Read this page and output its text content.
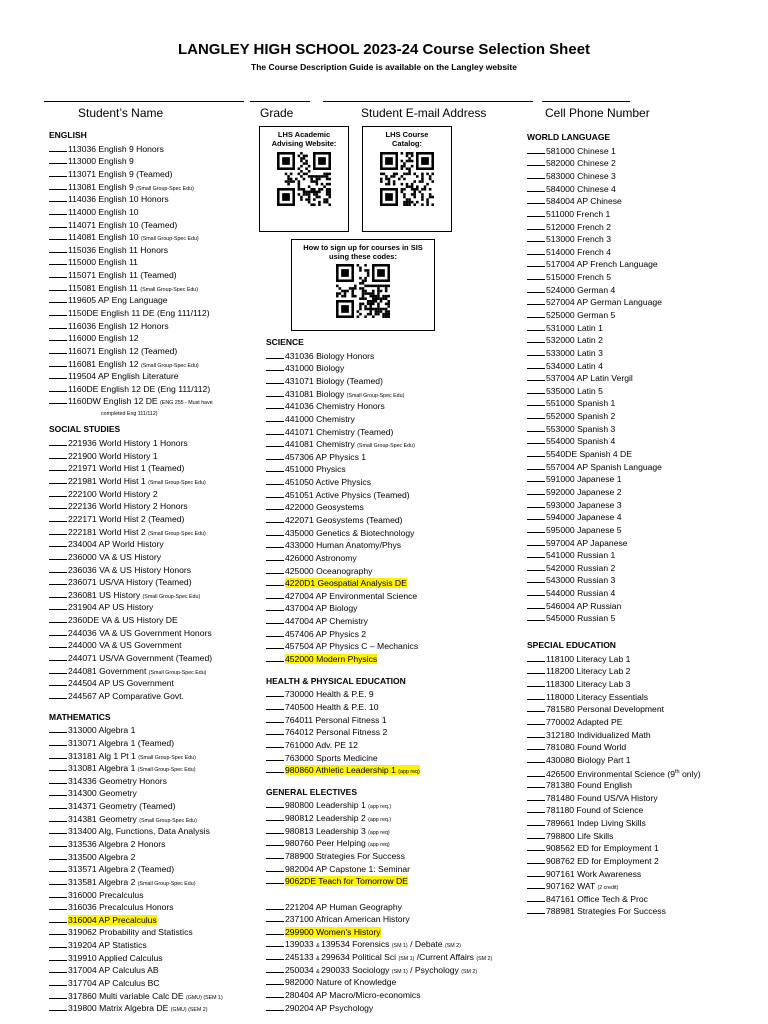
LANGLEY HIGH SCHOOL 2023-24 Course Selection Sheet
The Course Description Guide is available on the Langley website
Student’s Name	Grade	Student E-mail Address	Cell Phone Number
LHS Academic Advising Website:
LHS Course Catalog:
How to sign up for courses in SIS using these codes:
ENGLISH
113036 English 9 Honors
113000 English 9
113071 English 9 (Teamed)
113081 English 9 (Small Group-Spec Edu)
114036 English 10 Honors
114000 English 10
114071 English 10 (Teamed)
114081 English 10 (Small Group-Spec Edu)
115036 English 11 Honors
115000 English 11
115071 English 11 (Teamed)
115081 English 11 (Small Group-Spec Edu)
119605 AP Eng Language
1150DE English 11 DE (Eng 111/112)
116036 English 12 Honors
116000 English 12
116071 English 12 (Teamed)
116081 English 12 (Small Group-Spec Edu)
119504 AP English Literature
1160DE English 12 DE (Eng 111/112)
1160DW English 12 DE (ENG 255 - Must have
completed Eng 111/112)
SOCIAL STUDIES
221936 World History 1 Honors
221900 World History 1
221971 World Hist 1 (Teamed)
221981 World Hist 1 (Small Group-Spec Edu)
222100 World History 2
222136 World History 2 Honors
222171 World Hist 2 (Teamed)
222181 World Hist 2 (Small Group-Spec Edu)
234004 AP World History
236000 VA & US History
236036 VA & US History Honors
236071 US/VA History (Teamed)
236081 US History (Small Group-Spec Edu)
231904 AP US History
2360DE VA & US History DE
244036 VA & US Government Honors
244000 VA & US Government
244071 US/VA Government (Teamed)
244081 Government (Small Group-Spec Edu)
244504 AP US Government
244567 AP Comparative Govt.
MATHEMATICS
313000 Algebra 1
313071 Algebra 1 (Teamed)
313181 Alg 1 Pt 1 (Small Group-Spec Edu)
313081 Algebra 1 (Small Group-Spec Edu)
314336 Geometry Honors
314300 Geometry
314371 Geometry (Teamed)
314381 Geometry (Small Group-Spec Edu)
313400 Alg, Functions, Data Analysis
313536 Algebra 2 Honors
313500 Algebra 2
313571 Algebra 2 (Teamed)
313581 Algebra 2 (Small Group-Spec Edu)
316000 Precalculus
316036 Precalculus Honors
316004 AP Precalculus
319062 Probability and Statistics
319204 AP Statistics
319910 Applied Calculus
317004 AP Calculus AB
317704 AP Calculus BC
317860 Multi variable Calc DE (GMU) (SEM 1)
319800 Matrix Algebra DE (GMU) (SEM 2)
SCIENCE
431036 Biology Honors
431000 Biology
431071 Biology (Teamed)
431081 Biology (Small Group-Spec Edu)
441036 Chemistry Honors
441000 Chemistry
441071 Chemistry (Teamed)
441081 Chemistry (Small Group-Spec Edu)
457306 AP Physics 1
451000 Physics
451050 Active Physics
451051 Active Physics (Teamed)
422000 Geosystems
422071 Geosystems (Teamed)
435000 Genetics & Biotechnology
433000 Human Anatomy/Phys
426000 Astronomy
425000 Oceanography
4220D1 Geospatial Analysis DE
427004 AP Environmental Science
437004 AP Biology
447004 AP Chemistry
457406 AP Physics 2
457504 AP Physics C – Mechanics
452000 Modern Physics
HEALTH & PHYSICAL EDUCATION
730000 Health & P.E. 9
740500 Health & P.E. 10
764011 Personal Fitness 1
764012 Personal Fitness 2
761000 Adv. PE 12
763000 Sports Medicine
980860 Athletic Leadership 1 (app req)
GENERAL ELECTIVES
980800 Leadership 1 (app req.)
980812 Leadership 2 (app req.)
980813 Leadership 3 (app req)
980760 Peer Helping (app req)
788900 Strategies For Success
982004 AP Capstone 1: Seminar
9062DE Teach for Tomorrow DE
221204 AP Human Geography
237100 African American History
299900 Women's History
139033 & 139534 Forensics (SM 1) / Debate (SM 2)
245133 & 299634 Political Sci (SM 1) /Current Affairs (SM 2)
250034 & 290033 Sociology (SM 1) / Psychology (SM 2)
982000 Nature of Knowledge
280404 AP Macro/Micro-economics
290204 AP Psychology
WORLD LANGUAGE
581000 Chinese 1
582000 Chinese 2
583000 Chinese 3
584000 Chinese 4
584004 AP Chinese
511000 French 1
512000 French 2
513000 French 3
514000 French 4
517004 AP French Language
515000 French 5
524000 German 4
527004 AP German Language
525000 German 5
531000 Latin 1
532000 Latin 2
533000 Latin 3
534000 Latin 4
537004 AP Latin Vergil
535000 Latin 5
551000 Spanish 1
552000 Spanish 2
553000 Spanish 3
554000 Spanish 4
5540DE Spanish 4 DE
557004 AP Spanish Language
591000 Japanese 1
592000 Japanese 2
593000 Japanese 3
594000 Japanese 4
595000 Japanese 5
597004 AP Japanese
541000 Russian 1
542000 Russian 2
543000 Russian 3
544000 Russian 4
546004 AP Russian
545000 Russian 5
SPECIAL EDUCATION
118100 Literacy Lab 1
118200 Literacy Lab 2
118300 Literacy Lab 3
118000 Literacy Essentials
781580 Personal Development
770002 Adapted PE
312180 Individualized Math
781080 Found World
430080 Biology Part 1
426500 Environmental Science (9th only)
781380 Found English
781480 Found US/VA History
781180 Found of Science
789661 Indep Living Skills
798800 Life Skills
908562 ED for Employment 1
908762 ED for Employment 2
907161 Work Awareness
907162 WAT (2 credit)
847161 Office Tech & Proc
788981 Strategies For Success
